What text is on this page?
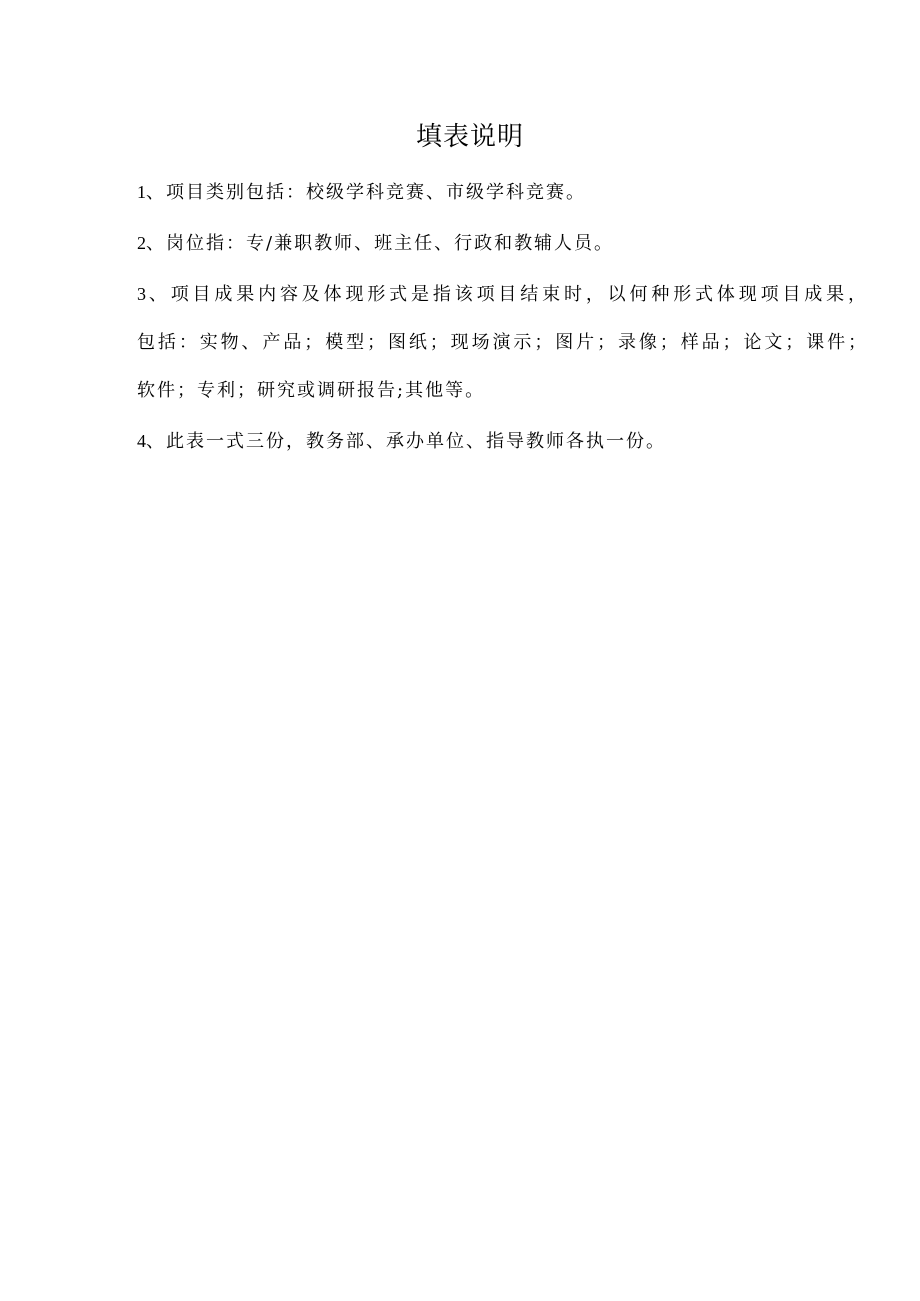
填表说明

1、项目类别包括：校级学科竞赛、市级学科竞赛。

2、岗位指：专/兼职教师、班主任、行政和教辅人员。

3、项目成果内容及体现形式是指该项目结束时，以何种形式体现项目成果，
包括：实物、产品；模型；图纸；现场演示；图片；录像；样品；论文；课件；
软件；专利；研究或调研报告;其他等。

4、此表一式三份，教务部、承办单位、指导教师各执一份。
